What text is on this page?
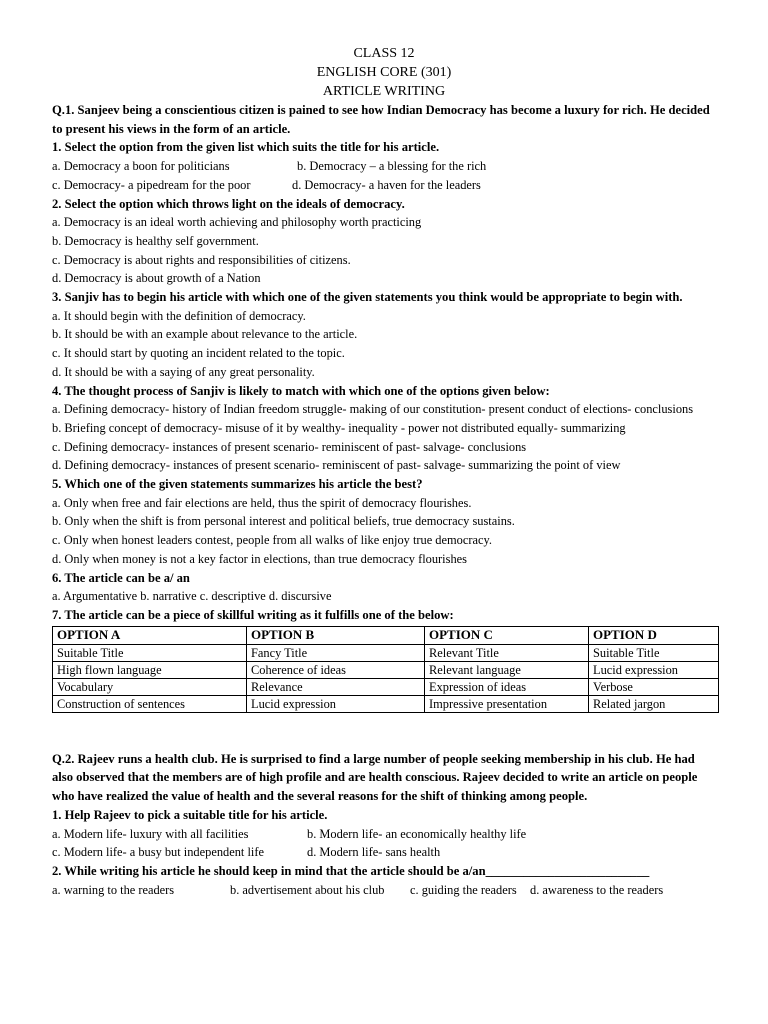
CLASS 12
ENGLISH CORE (301)
ARTICLE WRITING
Q.1. Sanjeev being a conscientious citizen is pained to see how Indian Democracy has become a luxury for rich. He decided to present his views in the form of an article.
1. Select the option from the given list which suits the title for his article.
a. Democracy a boon for politicians	b. Democracy – a blessing for the rich
c. Democracy- a pipedream for the poor	d. Democracy- a haven for the leaders
2. Select the option which throws light on the ideals of democracy.
a. Democracy is an ideal worth achieving and philosophy worth practicing
b. Democracy is healthy self government.
c. Democracy is about rights and responsibilities of citizens.
d. Democracy is about growth of a Nation
3. Sanjiv has to begin his article with which one of the given statements you think would be appropriate to begin with.
a. It should begin with the definition of democracy.
b. It should be with an example about relevance to the article.
c. It should start by quoting an incident related to the topic.
d. It should be with a saying of any great personality.
4. The thought process of Sanjiv is likely to match with which one of the options given below:
a. Defining democracy- history of Indian freedom struggle- making of our constitution- present conduct of elections- conclusions
b. Briefing concept of democracy- misuse of it by wealthy- inequality - power not distributed equally- summarizing
c. Defining democracy- instances of present scenario- reminiscent of past- salvage- conclusions
d. Defining democracy- instances of present scenario- reminiscent of past- salvage- summarizing the point of view
5. Which one of the given statements summarizes his article the best?
a. Only when free and fair elections are held, thus the spirit of democracy flourishes.
b. Only when the shift is from personal interest and political beliefs, true democracy sustains.
c. Only when honest leaders contest, people from all walks of like enjoy true democracy.
d. Only when money is not a key factor in elections, than true democracy flourishes
6. The article can be a/ an
a. Argumentative b. narrative c. descriptive d. discursive
7. The article can be a piece of skillful writing as it fulfills one of the below:
OPTION A	OPTION B	OPTION C	OPTION D
Suitable Title	Fancy Title	Relevant Title	Suitable Title
High flown language	Coherence of ideas	Relevant language	Lucid expression
Vocabulary	Relevance	Expression of ideas	Verbose
Construction of sentences	Lucid expression	Impressive presentation	Related jargon
Q.2. Rajeev runs a health club. He is surprised to find a large number of people seeking membership in his club. He had also observed that the members are of high profile and are health conscious. Rajeev decided to write an article on people who have realized the value of health and the several reasons for the shift of thinking among people.
1. Help Rajeev to pick a suitable title for his article.
a. Modern life- luxury with all facilities	b. Modern life- an economically healthy life
c. Modern life- a busy but independent life	d. Modern life- sans health
2. While writing his article he should keep in mind that the article should be a/an__________________________
a. warning to the readers	b. advertisement about his club	c. guiding the readers	d. awareness to the readers
